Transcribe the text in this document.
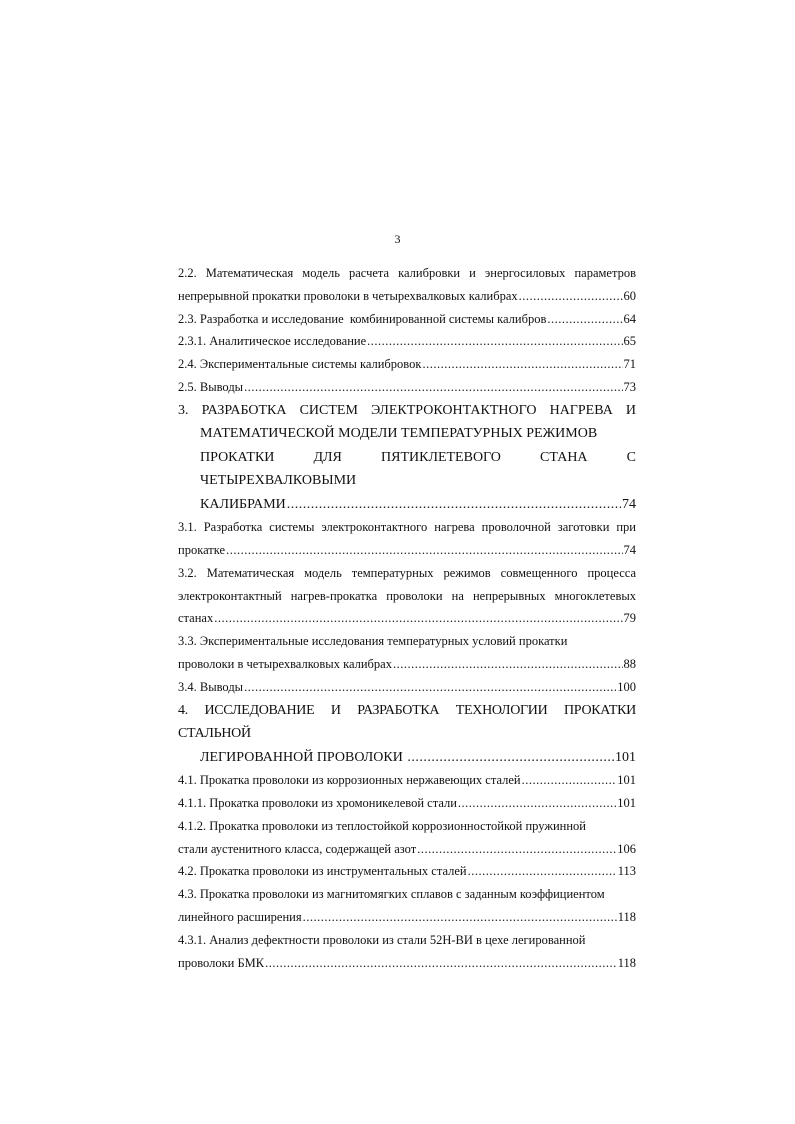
3
2.2. Математическая модель расчета калибровки и энергосиловых параметров
непрерывной прокатки проволоки в четырехвалковых калибрах .....	60
2.3. Разработка и исследование  комбинированной системы калибров .....	64
2.3.1. Аналитическое исследование .....	65
2.4. Экспериментальные системы калибровок .....	71
2.5. Выводы .....	73
3. РАЗРАБОТКА СИСТЕМ ЭЛЕКТРОКОНТАКТНОГО НАГРЕВА И
МАТЕМАТИЧЕСКОЙ МОДЕЛИ ТЕМПЕРАТУРНЫХ РЕЖИМОВ
ПРОКАТКИ ДЛЯ ПЯТИКЛЕТЕВОГО СТАНА С ЧЕТЫРЕХВАЛКОВЫМИ
КАЛИБРАМИ .....	74
3.1. Разработка системы электроконтактного нагрева проволочной заготовки при
прокатке .....	74
3.2. Математическая модель температурных режимов совмещенного процесса
электроконтактный нагрев-прокатка проволоки на непрерывных многоклетевых
станах .....	79
3.3. Экспериментальные исследования температурных условий прокатки
проволоки в четырехвалковых калибрах .....	88
3.4. Выводы .....	100
4. ИССЛЕДОВАНИЕ И РАЗРАБОТКА ТЕХНОЛОГИИ ПРОКАТКИ СТАЛЬНОЙ
ЛЕГИРОВАННОЙ ПРОВОЛОКИ .....	101
4.1. Прокатка проволоки из коррозионных нержавеющих сталей .....	101
4.1.1. Прокатка проволоки из хромоникелевой стали .....	101
4.1.2. Прокатка проволоки из теплостойкой коррозионностойкой пружинной
стали аустенитного класса, содержащей азот .....	106
4.2. Прокатка проволоки из инструментальных сталей .....	113
4.3. Прокатка проволоки из магнитомягких сплавов с заданным коэффициентом
линейного расширения .....	118
4.3.1. Анализ дефектности проволоки из стали 52Н-ВИ в цехе легированной
проволоки БМК .....	118
